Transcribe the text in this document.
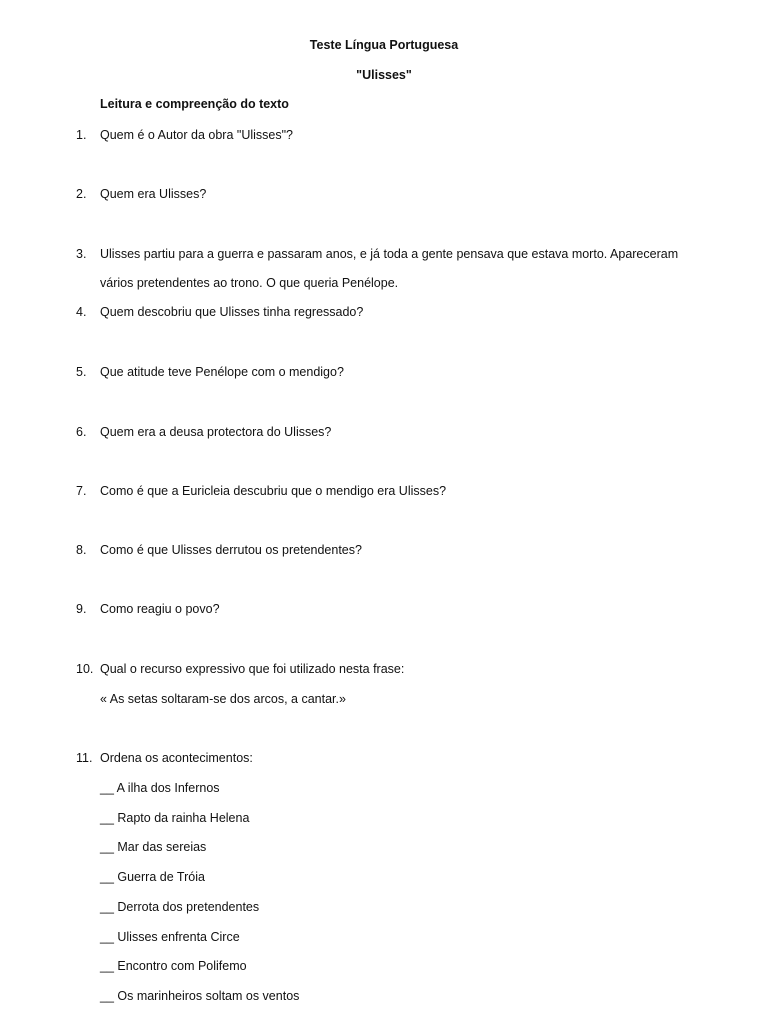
Teste Língua Portuguesa
"Ulisses"
Leitura e compreenção do texto
1. Quem é o Autor da obra "Ulisses"?
2. Quem era Ulisses?
3. Ulisses partiu para a guerra e passaram anos, e já toda a gente pensava que estava morto. Apareceram
vários pretendentes ao trono. O que queria Penélope.
4. Quem descobriu que Ulisses tinha regressado?
5. Que atitude teve Penélope com o mendigo?
6. Quem era a deusa protectora do Ulisses?
7. Como é que a Euricleia descubriu que o mendigo era Ulisses?
8. Como é que Ulisses derrutou os pretendentes?
9. Como reagiu o povo?
10. Qual o recurso expressivo que foi utilizado nesta frase:
« As setas soltaram-se dos arcos, a cantar.»
11. Ordena os acontecimentos:
__ A ilha dos Infernos
__ Rapto da rainha Helena
__ Mar das sereias
__ Guerra de Tróia
__ Derrota dos pretendentes
__ Ulisses enfrenta Circe
__ Encontro com Polifemo
__ Os marinheiros soltam os ventos
